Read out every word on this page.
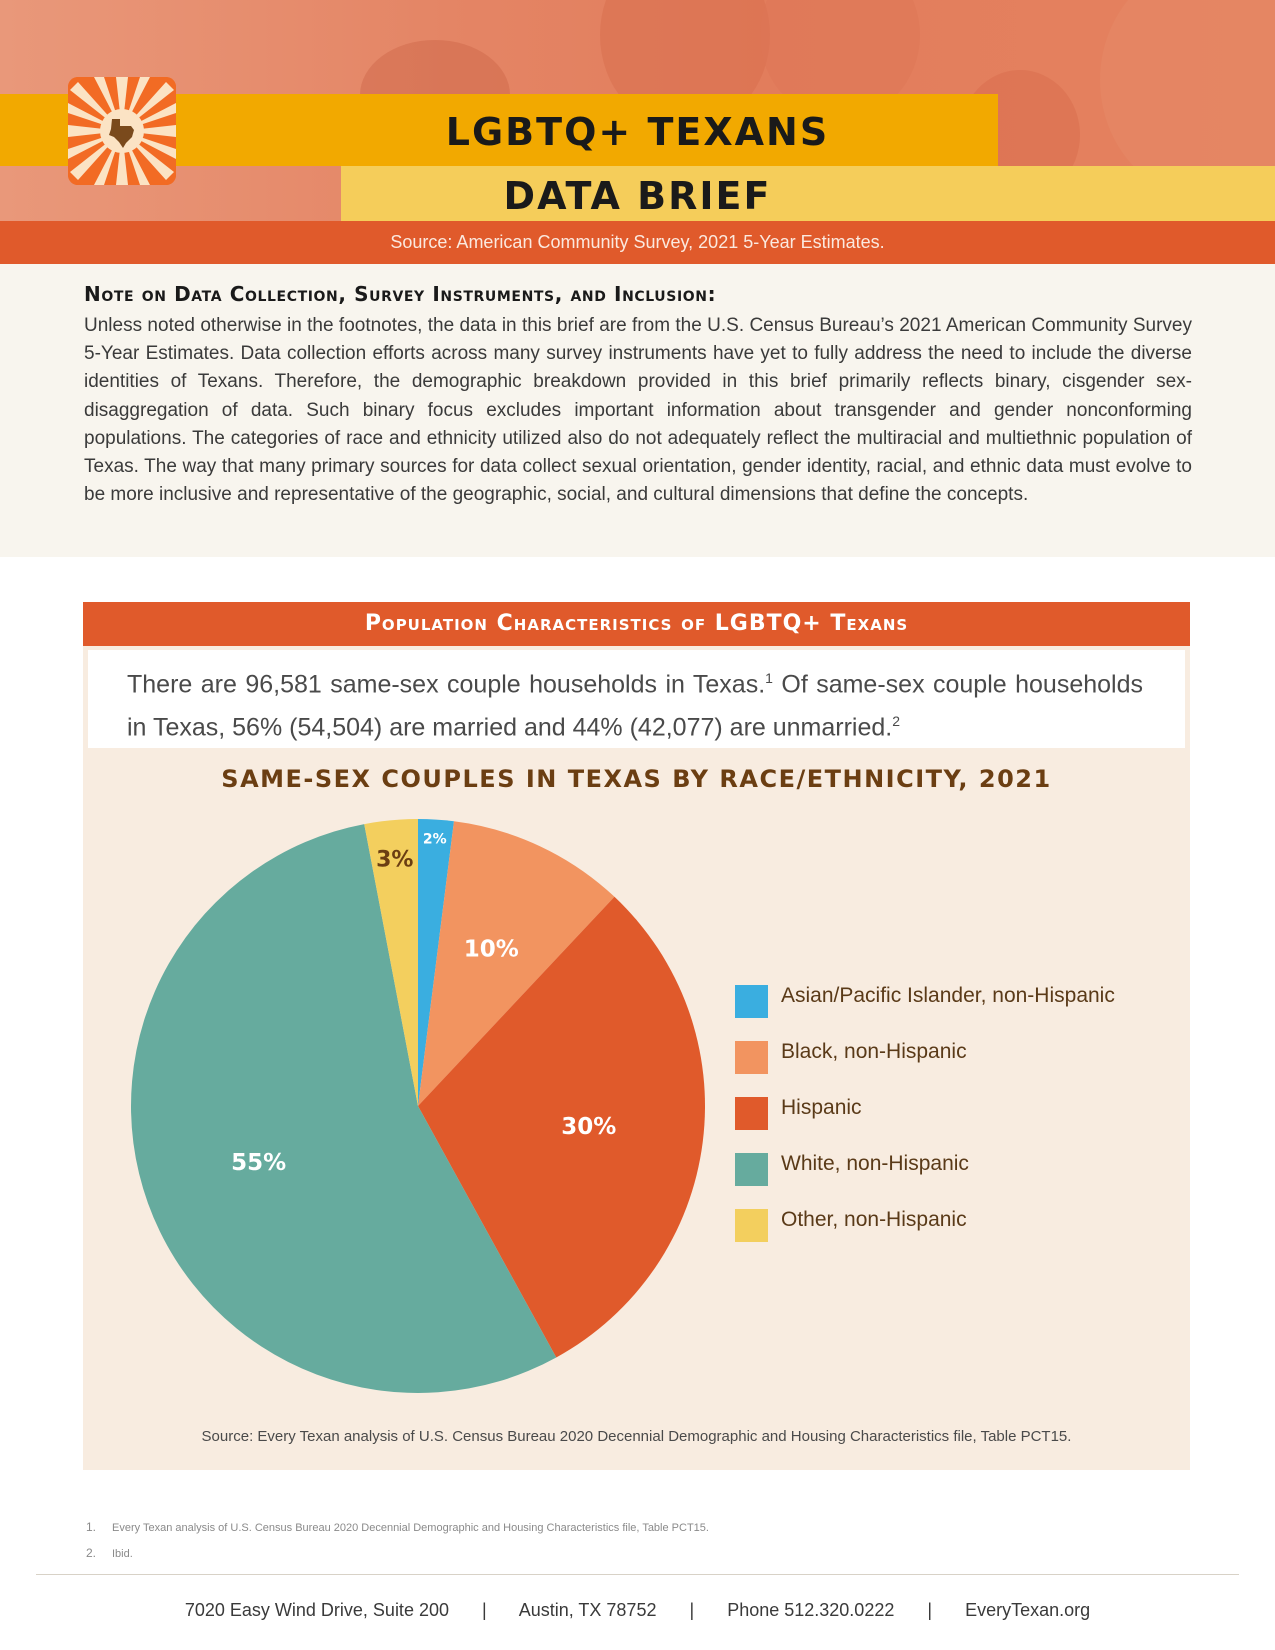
LGBTQ+ TEXANS
DATA BRIEF
Source: American Community Survey, 2021 5-Year Estimates.
Note on Data Collection, Survey Instruments, and Inclusion:
Unless noted otherwise in the footnotes, the data in this brief are from the U.S. Census Bureau’s 2021 American Community Survey 5-Year Estimates. Data collection efforts across many survey instruments have yet to fully address the need to include the diverse identities of Texans. Therefore, the demographic breakdown provided in this brief primarily reflects binary, cisgender sex-disaggregation of data. Such binary focus excludes important information about transgender and gender nonconforming populations. The categories of race and ethnicity utilized also do not adequately reflect the multiracial and multiethnic population of Texas. The way that many primary sources for data collect sexual orientation, gender identity, racial, and ethnic data must evolve to be more inclusive and representative of the geographic, social, and cultural dimensions that define the concepts.
Population Characteristics of LGBTQ+ Texans
There are 96,581 same-sex couple households in Texas.$^1$ Of same-sex couple households in Texas, 56% (54,504) are married and 44% (42,077) are unmarried.$^2$
SAME-SEX COUPLES IN TEXAS BY RACE/ETHNICITY, 2021
2%
10%
30%
55%
3%
Asian/Pacific Islander, non-Hispanic
Black, non-Hispanic
Hispanic
White, non-Hispanic
Other, non-Hispanic
Source: Every Texan analysis of U.S. Census Bureau 2020 Decennial Demographic and Housing Characteristics file, Table PCT15.
1. Every Texan analysis of U.S. Census Bureau 2020 Decennial Demographic and Housing Characteristics file, Table PCT15.
2. Ibid.
7020 Easy Wind Drive, Suite 200 | Austin, TX 78752 | Phone 512.320.0222 | EveryTexan.org
